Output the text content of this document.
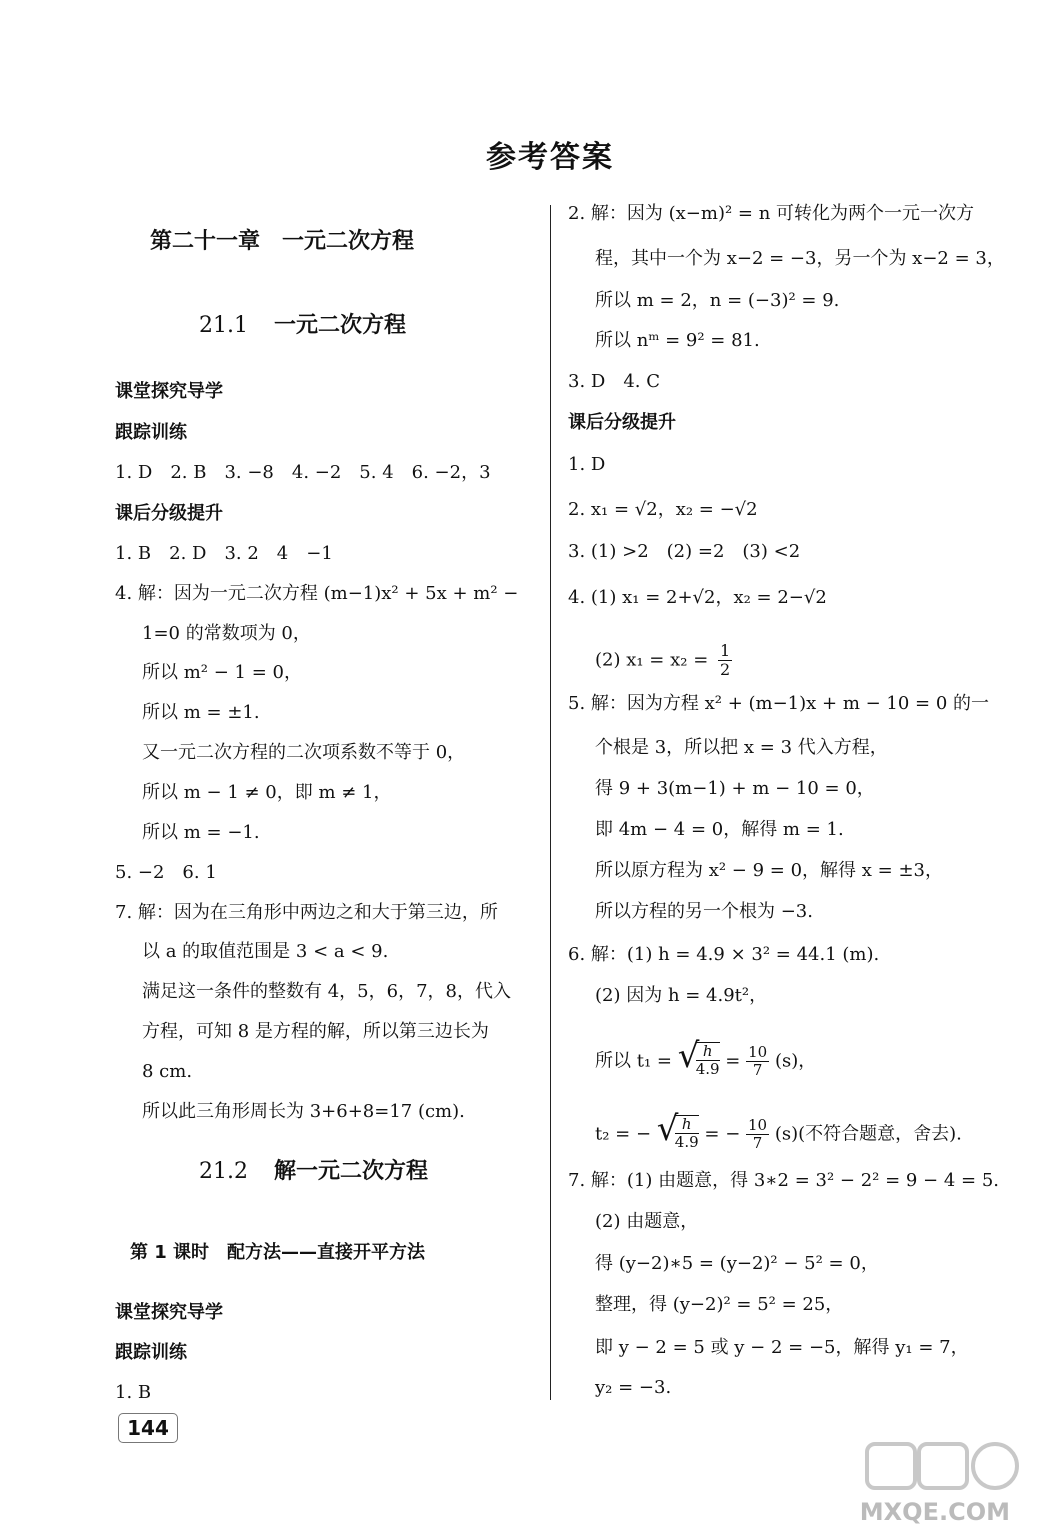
参考答案
第二十一章　一元二次方程
21.1 一元二次方程
课堂探究导学
跟踪训练
1. D　2. B　3. −8　4. −2　5. 4　6. −2，3
课后分级提升
1. B　2. D　3. 2　4　−1
4. 解：因为一元二次方程 (m−1)x² + 5x + m² −
1=0 的常数项为 0，
所以 m² − 1 = 0，
所以 m = ±1.
又一元二次方程的二次项系数不等于 0，
所以 m − 1 ≠ 0，即 m ≠ 1，
所以 m = −1.
5. −2　6. 1
7. 解：因为在三角形中两边之和大于第三边，所
以 a 的取值范围是 3 < a < 9.
满足这一条件的整数有 4，5，6，7，8，代入
方程，可知 8 是方程的解，所以第三边长为
8 cm.
所以此三角形周长为 3+6+8=17 (cm).
21.2 解一元二次方程
第 1 课时　配方法——直接开平方法
课堂探究导学
跟踪训练
1. B
2. 解：因为 (x−m)² = n 可转化为两个一元一次方
程，其中一个为 x−2 = −3，另一个为 x−2 = 3，
所以 m = 2，n = (−3)² = 9.
所以 nᵐ = 9² = 81.
3. D　4. C
课后分级提升
1. D
2. x₁ = √2，x₂ = −√2
3. (1) >2　(2) =2　(3) <2
4. (1) x₁ = 2+√2，x₂ = 2−√2
(2) $x_1 = x_2 = \frac{1}{2}$
5. 解：因为方程 x² + (m−1)x + m − 10 = 0 的一
个根是 3，所以把 x = 3 代入方程，
得 9 + 3(m−1) + m − 10 = 0，
即 4m − 4 = 0，解得 m = 1.
所以原方程为 x² − 9 = 0，解得 x = ±3，
所以方程的另一个根为 −3.
6. 解：(1) h = 4.9 × 3² = 44.1 (m).
(2) 因为 h = 4.9t²，
所以 t₁ = √
$\frac{h}{4.9} = \frac{10}{7} (s)$，
t₂ = − √
$\frac{h}{4.9}$ = − $\frac{10}{7} (s)$(不符合题意，舍去).
7. 解：(1) 由题意，得 3∗2 = 3² − 2² = 9 − 4 = 5.
(2) 由题意，
得 (y−2)∗5 = (y−2)² − 5² = 0，
整理，得 (y−2)² = 5² = 25，
即 y − 2 = 5 或 y − 2 = −5，解得 y₁ = 7，
y₂ = −3.
144
MXQE.COM
